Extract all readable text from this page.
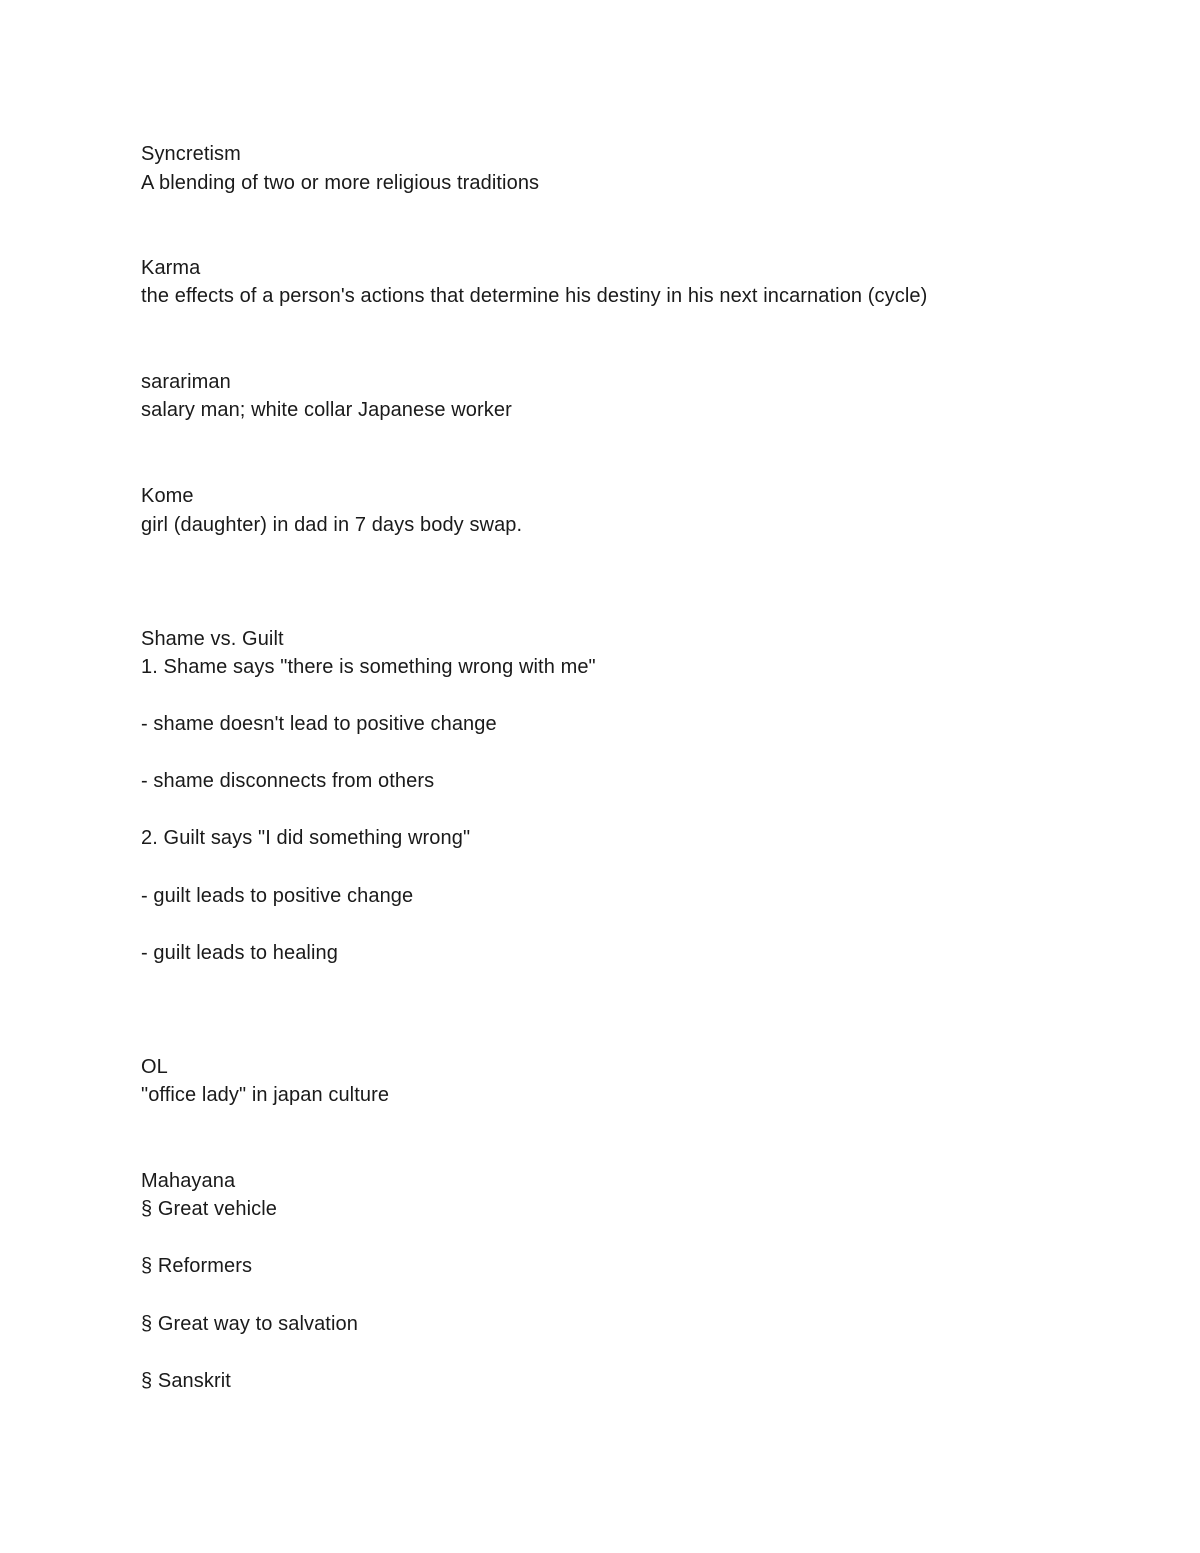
Syncretism
A blending of two or more religious traditions
Karma
the effects of a person's actions that determine his destiny in his next incarnation (cycle)
sarariman
salary man; white collar Japanese worker
Kome
girl (daughter) in dad in 7 days body swap.
Shame vs. Guilt
1. Shame says "there is something wrong with me"
- shame doesn't lead to positive change
- shame disconnects from others
2. Guilt says "I did something wrong"
- guilt leads to positive change
- guilt leads to healing
OL
"office lady" in japan culture
Mahayana
§ Great vehicle
§ Reformers
§ Great way to salvation
§ Sanskrit
